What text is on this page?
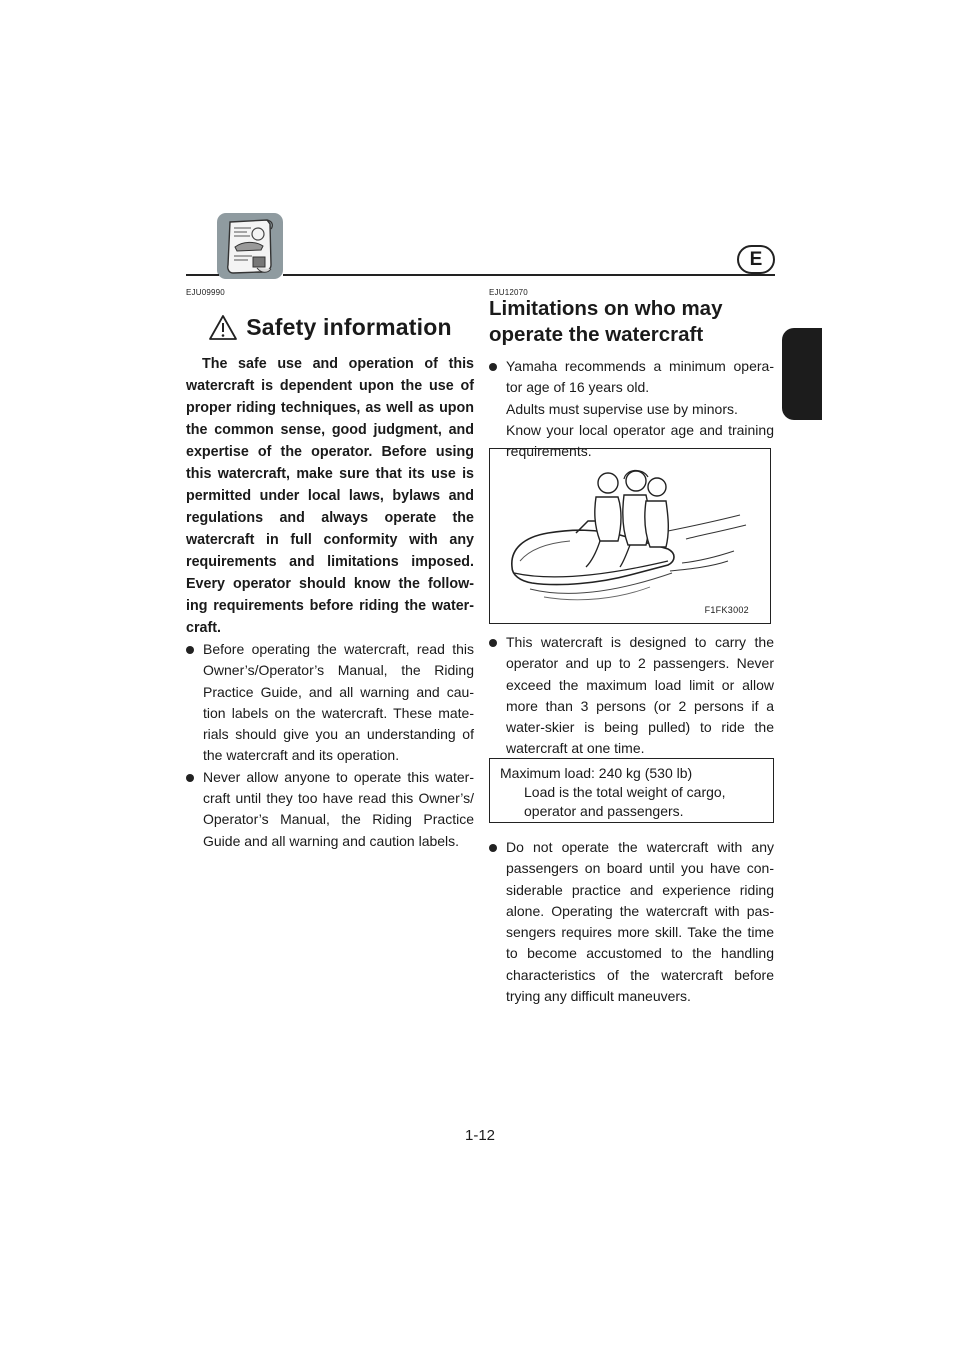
E
EJU09990
Safety information

The safe use and operation of this watercraft is dependent upon the use of proper riding techniques, as well as upon the common sense, good judgment, and expertise of the operator. Before using this watercraft, make sure that its use is permitted under local laws, bylaws and regulations and always operate the watercraft in full conformity with any requirements and limitations imposed. Every operator should know the follow-ing requirements before riding the water-craft.

Before operating the watercraft, read this Owner’s/Operator’s Manual, the Riding Practice Guide, and all warning and cau-tion labels on the watercraft. These mate-rials should give you an understanding of the watercraft and its operation.
Never allow anyone to operate this water-craft until they too have read this Owner’s/ Operator’s Manual, the Riding Practice Guide and all warning and caution labels.
EJU12070
Limitations on who may
operate the watercraft
Yamaha recommends a minimum opera-tor age of 16 years old.
Adults must supervise use by minors.
Know your local operator age and training requirements.
F1FK3002
This watercraft is designed to carry the operator and up to 2 passengers. Never exceed the maximum load limit or allow more than 3 persons (or 2 persons if a water-skier is being pulled) to ride the watercraft at one time.
Maximum load: 240 kg (530 lb)
Load is the total weight of cargo, operator and passengers.
Do not operate the watercraft with any passengers on board until you have con-siderable practice and experience riding alone. Operating the watercraft with pas-sengers requires more skill. Take the time to become accustomed to the handling characteristics of the watercraft before trying any difficult maneuvers.
1-12
